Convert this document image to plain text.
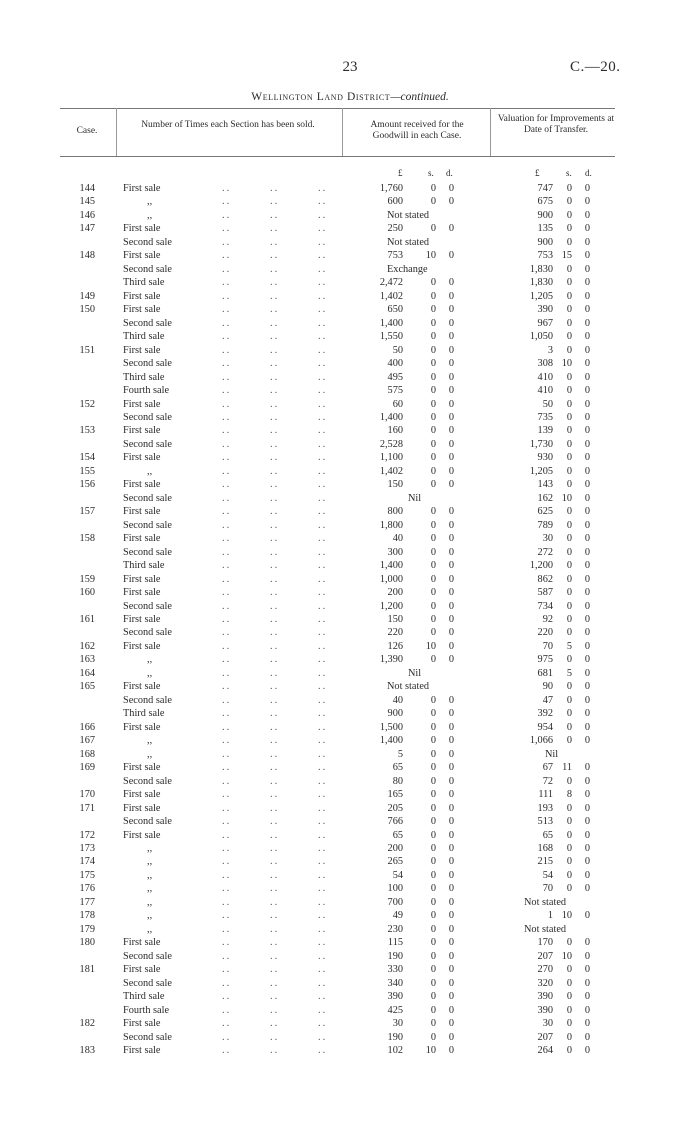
23	C.—20.
Wellington Land District—continued.
Case.
Number of Times each Section has been sold.	Amount received for the Goodwill in each Case.
Valuation for Improvements at Date of Transfer.
£	s. d.	£	s. d.
144	First sale	..	..	..	1,760	0	0	747	0	0
145	,,	..	..	..	600	0	0	675	0	0
146	,,	..	..	..	Not stated	900	0	0
147	First sale	..	..	..	250	0	0	135	0	0
Second sale	..	..	..	Not stated	900	0	0
148	First sale	..	..	..	753	10	0	753 15	0
Second sale	..	..	..	Exchange	1,830	0	0
Third sale	..	..	..	2,472	0	0	1,830	0	0
149	First sale	..	..	..	1,402	0	0	1,205	0	0
150	First sale	..	..	..	650	0	0	390	0	0
Second sale	..	..	..	1,400	0	0	967	0	0
Third sale	..	..	..	1,550	0	0	1,050	0	0
151	First sale	..	..	..	50	0	0	3	0	0
Second sale	..	..	..	400	0	0	308 10	0
Third sale	..	..	..	495	0	0	410	0	0
Fourth sale	..	..	..	575	0	0	410	0	0
152	First sale	..	..	..	60	0	0	50	0	0
Second sale	..	..	..	1,400	0	0	735	0	0
153	First sale	..	..	..	160	0	0	139	0	0
Second sale	..	..	..	2,528	0	0	1,730	0	0
154	First sale	..	..	..	1,100	0	0	930	0	0
155	,,	..	..	..	1,402	0	0	1,205	0	0
156	First sale	..	..	..	150	0	0	143	0	0
Second sale	..	..	..	Nil	162 10	0
157	First sale	..	..	..	800	0	0	625	0	0
Second sale	..	..	..	1,800	0	0	789	0	0
158	First sale	..	..	..	40	0	0	30	0	0
Second sale	..	..	..	300	0	0	272	0	0
Third sale	..	..	..	1,400	0	0	1,200	0	0
159	First sale	..	..	..	1,000	0	0	862	0	0
160	First sale	..	..	..	200	0	0	587	0	0
Second sale	..	..	..	1,200	0	0	734	0	0
161	First sale	..	..	..	150	0	0	92	0	0
Second sale	..	..	..	220	0	0	220	0	0
162	First sale	..	..	..	126	10	0	70	5	0
163	,,	..	..	..	1,390	0	0	975	0	0
164	,,	..	..	..	Nil	681	5	0
165	First sale	..	..	..	Not stated	90	0	0
Second sale	..	..	..	40	0	0	47	0	0
Third sale	..	..	..	900	0	0	392	0	0
166	First sale	..	..	..	1,500	0	0	954	0	0
167	,,	..	..	..	1,400	0	0	1,066	0	0
168	,,	..	..	..	5	0	0	Nil
169	First sale	..	..	..	65	0	0	67 11	0
Second sale	..	..	..	80	0	0	72	0	0
170	First sale	..	..	..	165	0	0	111	8	0
171	First sale	..	..	..	205	0	0	193	0	0
Second sale	..	..	..	766	0	0	513	0	0
172	First sale	..	..	..	65	0	0	65	0	0
173	,,	..	..	..	200	0	0	168	0	0
174	,,	..	..	..	265	0	0	215	0	0
175	,,	..	..	..	54	0	0	54	0	0
176	,,	..	..	..	100	0	0	70	0	0
177	,,	..	..	..	700	0	0	Not stated
178	,,	..	..	..	49	0	0	1 10	0
179	,,	..	..	..	230	0	0	Not stated
180	First sale	..	..	..	115	0	0	170	0	0
Second sale	..	..	..	190	0	0	207 10	0
181	First sale	..	..	..	330	0	0	270	0	0
Second sale	..	..	..	340	0	0	320	0	0
Third sale	..	..	..	390	0	0	390	0	0
Fourth sale	..	..	..	425	0	0	390	0	0
182	First sale	..	..	..	30	0	0	30	0	0
Second sale	..	..	..	190	0	0	207	0	0
183	First sale	..	..	..	102	10	0	264	0	0
